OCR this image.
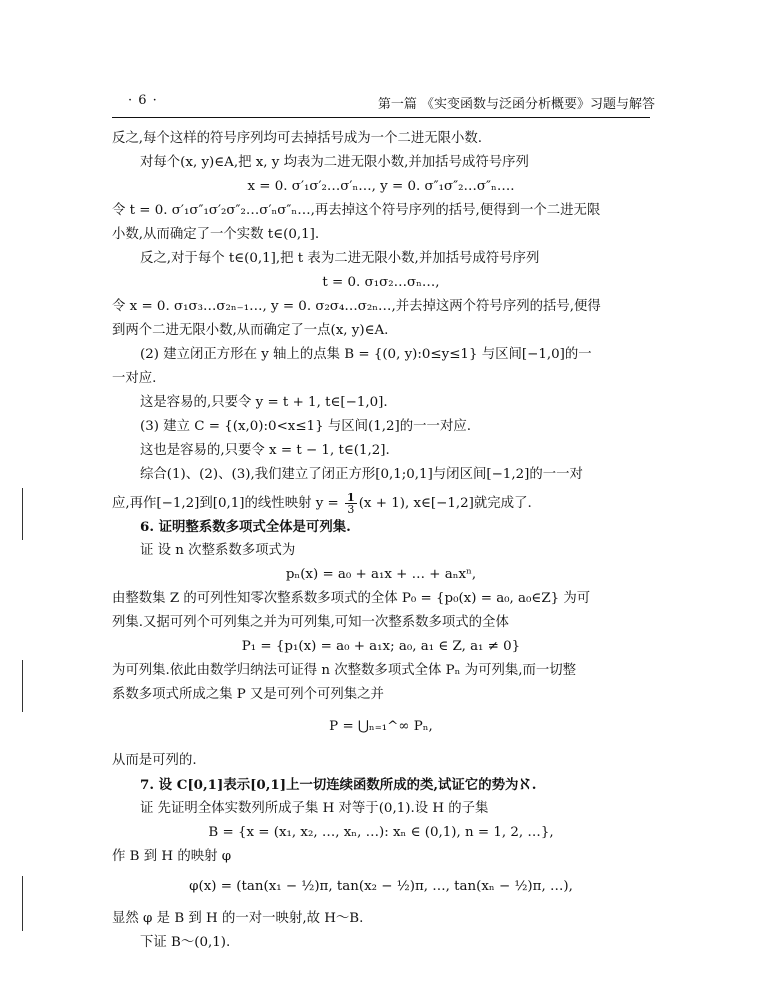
· 6 ·	第一篇 《实变函数与泛函分析概要》习题与解答
反之,每个这样的符号序列均可去掉括号成为一个二进无限小数.
对每个(x, y)∈A,把 x, y 均表为二进无限小数,并加括号成符号序列
x = 0. σ′₁σ′₂…σ′ₙ…, y = 0. σ″₁σ″₂…σ″ₙ….
令 t = 0. σ′₁σ″₁σ′₂σ″₂…σ′ₙσ″ₙ…,再去掉这个符号序列的括号,便得到一个二进无限
小数,从而确定了一个实数 t∈(0,1].
反之,对于每个 t∈(0,1],把 t 表为二进无限小数,并加括号成符号序列
t = 0. σ₁σ₂…σₙ…,
令 x = 0. σ₁σ₃…σ₂ₙ₋₁…, y = 0. σ₂σ₄…σ₂ₙ…,并去掉这两个符号序列的括号,便得
到两个二进无限小数,从而确定了一点(x, y)∈A.
(2) 建立闭正方形在 y 轴上的点集 B = {(0, y):0≤y≤1} 与区间[−1,0]的一
一对应.
这是容易的,只要令 y = t + 1, t∈[−1,0].
(3) 建立 C = {(x,0):0<x≤1} 与区间(1,2]的一一对应.
这也是容易的,只要令 x = t − 1, t∈(1,2].
综合(1)、(2)、(3),我们建立了闭正方形[0,1;0,1]与闭区间[−1,2]的一一对
应,再作[−1,2]到[0,1]的线性映射 $y = \frac{1}{3} (x + 1)$, x∈[−1,2]就完成了.
6. 证明整系数多项式全体是可列集.
证 设 n 次整系数多项式为
pₙ(x) = a₀ + a₁x + … + aₙxⁿ,
由整数集 Z 的可列性知零次整系数多项式的全体 P₀ = {p₀(x) = a₀, a₀∈Z} 为可
列集.又据可列个可列集之并为可列集,可知一次整系数多项式的全体
P₁ = {p₁(x) = a₀ + a₁x; a₀, a₁ ∈ Z, a₁ ≠ 0}
为可列集.依此由数学归纳法可证得 n 次整数多项式全体 Pₙ 为可列集,而一切整
系数多项式所成之集 P 又是可列个可列集之并
P = ⋃ₙ₌₁^∞ Pₙ,
从而是可列的.
7. 设 C[0,1]表示[0,1]上一切连续函数所成的类,试证它的势为ℵ.
证 先证明全体实数列所成子集 H 对等于(0,1).设 H 的子集
B = {x = (x₁, x₂, …, xₙ, …): xₙ ∈ (0,1), n = 1, 2, …},
作 B 到 H 的映射 φ
φ(x) = (tan(x₁ − ½)π, tan(x₂ − ½)π, …, tan(xₙ − ½)π, …),
显然 φ 是 B 到 H 的一对一映射,故 H～B.
下证 B～(0,1).
